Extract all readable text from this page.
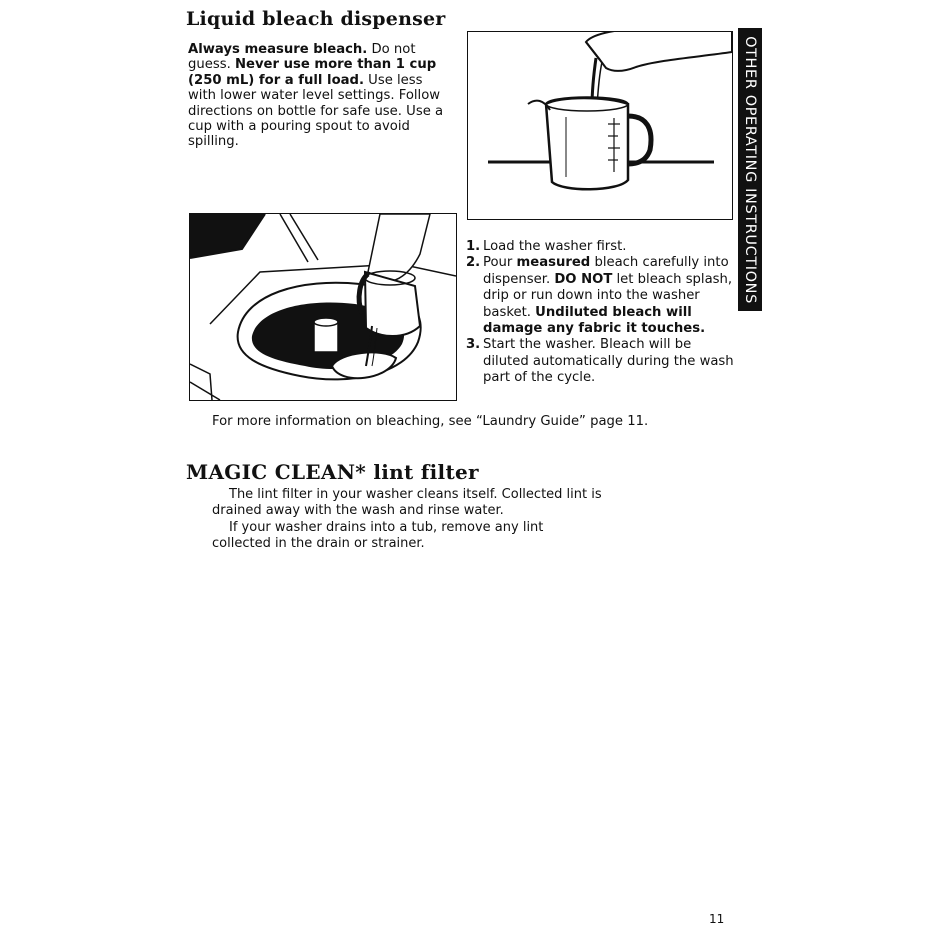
Liquid bleach dispenser
Always measure bleach. Do not guess. Never use more than 1 cup (250 mL) for a full load. Use less with lower water level settings. Follow directions on bottle for safe use. Use a cup with a pouring spout to avoid spilling.
1. Load the washer first.
2. Pour measured bleach carefully into dispenser. DO NOT let bleach splash, drip or run down into the washer basket. Undiluted bleach will damage any fabric it touches.
3. Start the washer. Bleach will be diluted automatically during the wash part of the cycle.
For more information on bleaching, see “Laundry Guide” page 11.
MAGIC CLEAN* lint filter

The lint filter in your washer cleans itself. Collected lint is drained away with the wash and rinse water.

If your washer drains into a tub, remove any lint collected in the drain or strainer.

OTHER OPERATING INSTRUCTIONS
11
